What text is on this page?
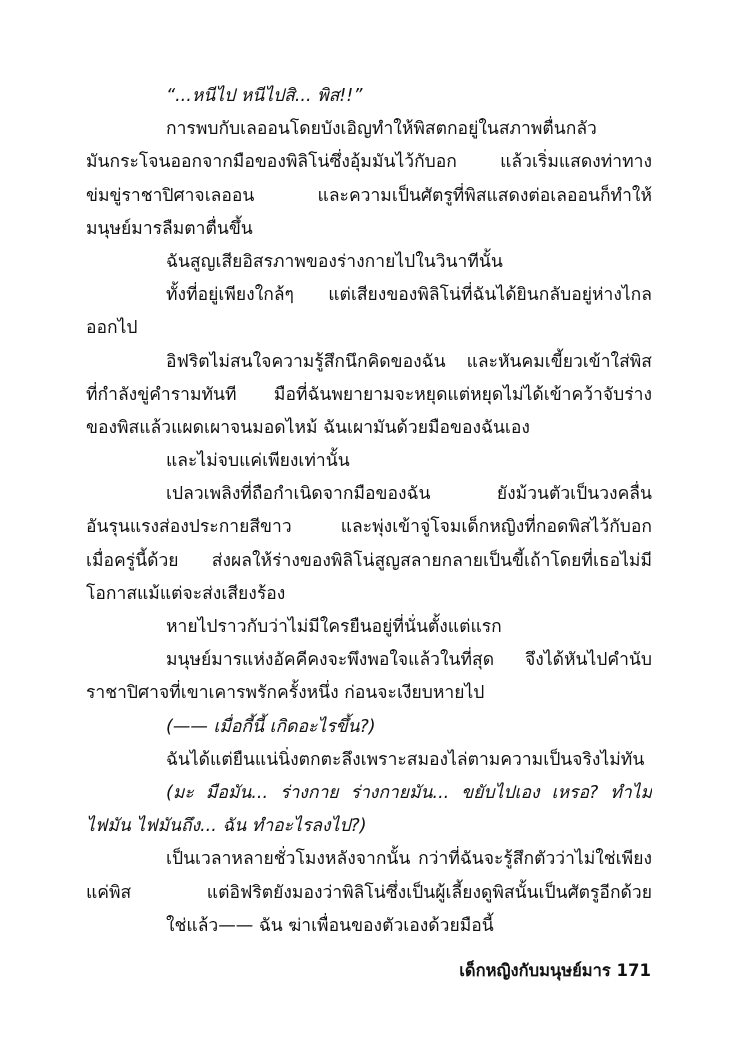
“...หนีไป หนีไปสิ... พิส!!”
การพบกับเลออนโดยบังเอิญทำให้พิสตกอยู่ในสภาพตื่นกลัว
มันกระโจนออกจากมือของพิลิโน่ซึ่งอุ้มมันไว้กับอก แล้วเริ่มแสดงท่าทาง
ข่มขู่ราชาปิศาจเลออน และความเป็นศัตรูที่พิสแสดงต่อเลออนก็ทำให้
มนุษย์มารลืมตาตื่นขึ้น
ฉันสูญเสียอิสรภาพของร่างกายไปในวินาทีนั้น
ทั้งที่อยู่เพียงใกล้ๆ แต่เสียงของพิลิโน่ที่ฉันได้ยินกลับอยู่ห่างไกล
ออกไป
อิฟริตไม่สนใจความรู้สึกนึกคิดของฉัน และหันคมเขี้ยวเข้าใส่พิส
ที่กำลังขู่คำรามทันที มือที่ฉันพยายามจะหยุดแต่หยุดไม่ได้เข้าคว้าจับร่าง
ของพิสแล้วแผดเผาจนมอดไหม้ ฉันเผามันด้วยมือของฉันเอง
และไม่จบแค่เพียงเท่านั้น
เปลวเพลิงที่ถือกำเนิดจากมือของฉัน ยังม้วนตัวเป็นวงคลื่น
อันรุนแรงส่องประกายสีขาว และพุ่งเข้าจู่โจมเด็กหญิงที่กอดพิสไว้กับอก
เมื่อครู่นี้ด้วย ส่งผลให้ร่างของพิลิโน่สูญสลายกลายเป็นขี้เถ้าโดยที่เธอไม่มี
โอกาสแม้แต่จะส่งเสียงร้อง
หายไปราวกับว่าไม่มีใครยืนอยู่ที่นั่นตั้งแต่แรก
มนุษย์มารแห่งอัคคีคงจะพึงพอใจแล้วในที่สุด จึงได้หันไปคำนับ
ราชาปิศาจที่เขาเคารพรักครั้งหนึ่ง ก่อนจะเงียบหายไป
(—— เมื่อกี้นี้ เกิดอะไรขึ้น?)
ฉันได้แต่ยืนแน่นิ่งตกตะลึงเพราะสมองไล่ตามความเป็นจริงไม่ทัน
(มะ มือมัน... ร่างกาย ร่างกายมัน... ขยับไปเอง เหรอ? ทำไม
ไฟมัน ไฟมันถึง... ฉัน ทำอะไรลงไป?)
เป็นเวลาหลายชั่วโมงหลังจากนั้น กว่าที่ฉันจะรู้สึกตัวว่าไม่ใช่เพียง
แค่พิส แต่อิฟริตยังมองว่าพิลิโน่ซึ่งเป็นผู้เลี้ยงดูพิสนั้นเป็นศัตรูอีกด้วย
ใช่แล้ว—— ฉัน ฆ่าเพื่อนของตัวเองด้วยมือนี้
เด็กหญิงกับมนุษย์มาร 171
